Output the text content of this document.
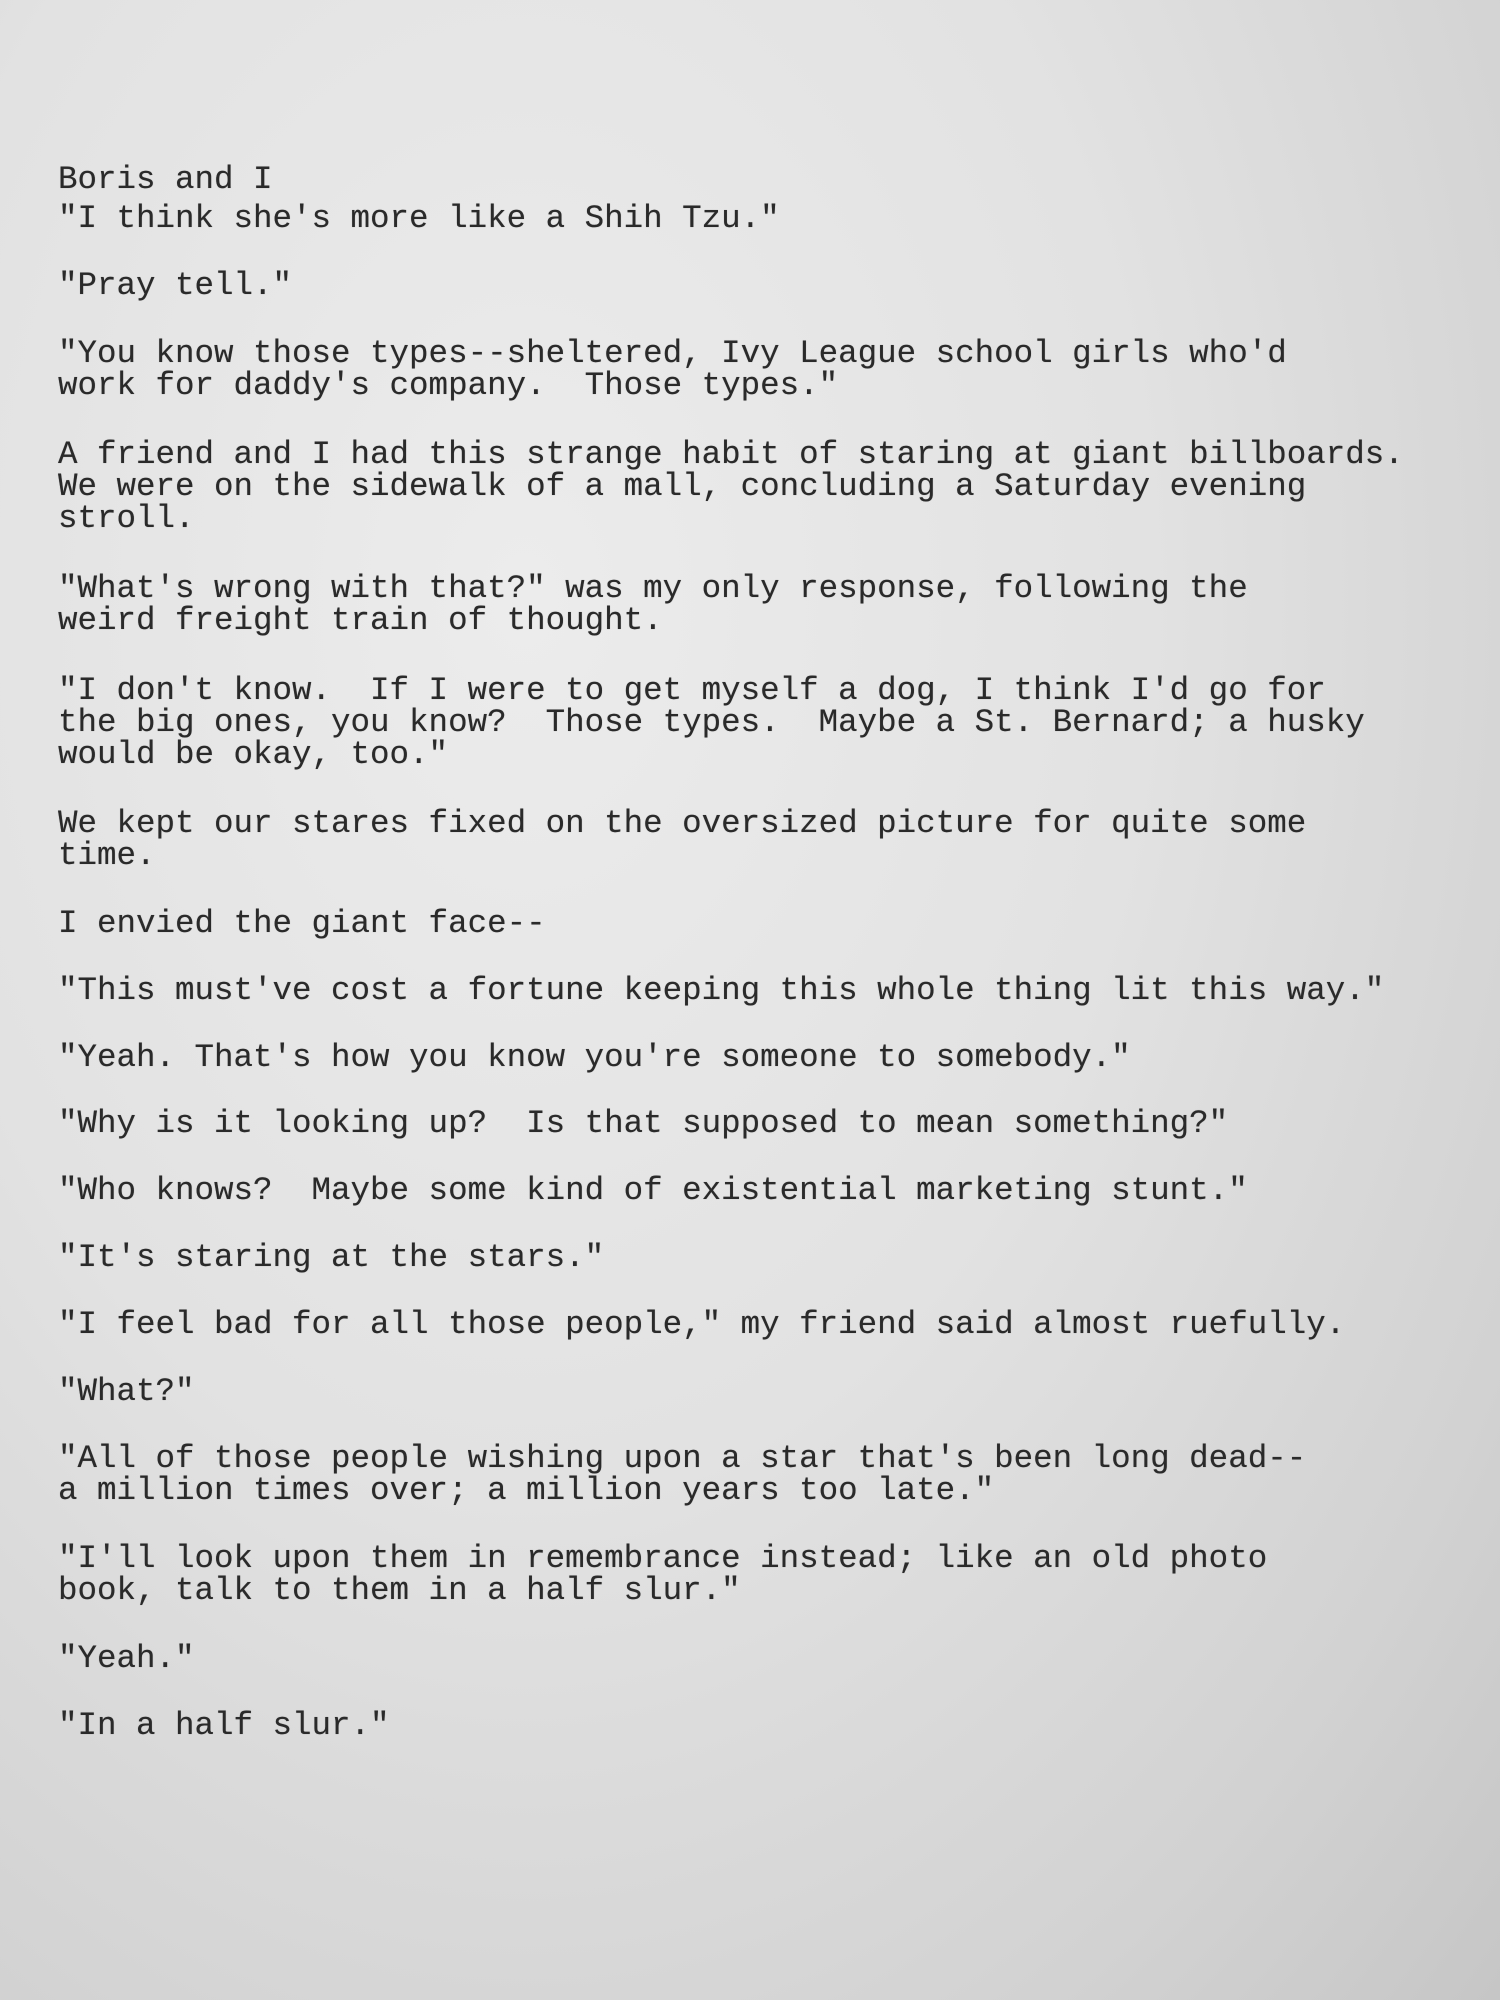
Boris and I

"I think she's more like a Shih Tzu."

"Pray tell."

"You know those types--sheltered, Ivy League school girls who'd
work for daddy's company.  Those types."

A friend and I had this strange habit of staring at giant billboards.
We were on the sidewalk of a mall, concluding a Saturday evening
stroll.

"What's wrong with that?" was my only response, following the
weird freight train of thought.

"I don't know.  If I were to get myself a dog, I think I'd go for
the big ones, you know?  Those types.  Maybe a St. Bernard; a husky
would be okay, too."

We kept our stares fixed on the oversized picture for quite some
time.

I envied the giant face--

"This must've cost a fortune keeping this whole thing lit this way."

"Yeah. That's how you know you're someone to somebody."

"Why is it looking up?  Is that supposed to mean something?"

"Who knows?  Maybe some kind of existential marketing stunt."

"It's staring at the stars."

"I feel bad for all those people," my friend said almost ruefully.

"What?"

"All of those people wishing upon a star that's been long dead--
a million times over; a million years too late."

"I'll look upon them in remembrance instead; like an old photo
book, talk to them in a half slur."

"Yeah."

"In a half slur."
